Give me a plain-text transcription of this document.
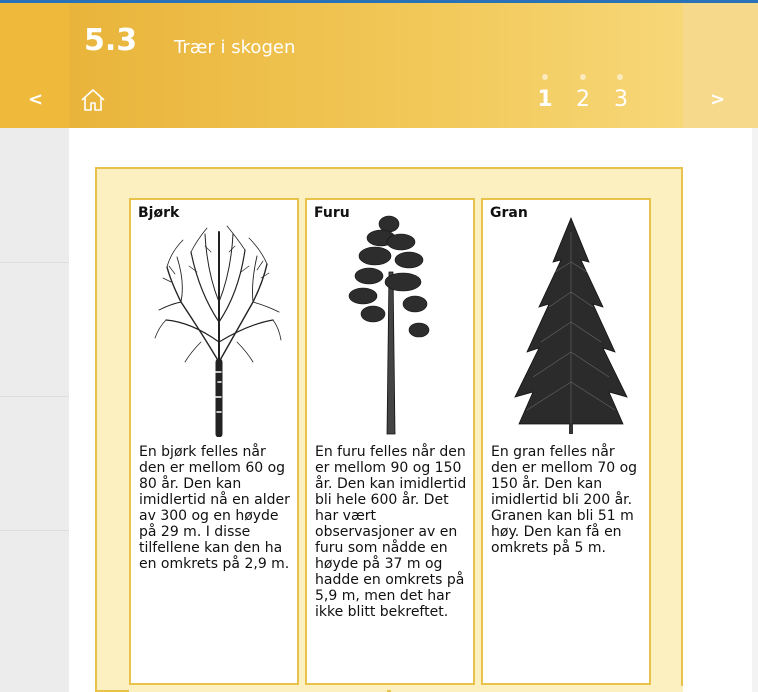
5.3 Trær i skogen
<	>
1 2 3
Bjørk
En bjørk felles når den er mellom 60 og 80 år. Den kan imidlertid nå en alder av 300 og en høyde på 29 m. I disse tilfellene kan den ha en omkrets på 2,9 m.
Furu
En furu felles når den er mellom 90 og 150 år. Den kan imidlertid bli hele 600 år. Det har vært observasjoner av en furu som nådde en høyde på 37 m og hadde en omkrets på 5,9 m, men det har ikke blitt bekreftet.
Gran
En gran felles når den er mellom 70 og 150 år. Den kan imidlertid bli 200 år. Granen kan bli 51 m høy. Den kan få en omkrets på 5 m.
